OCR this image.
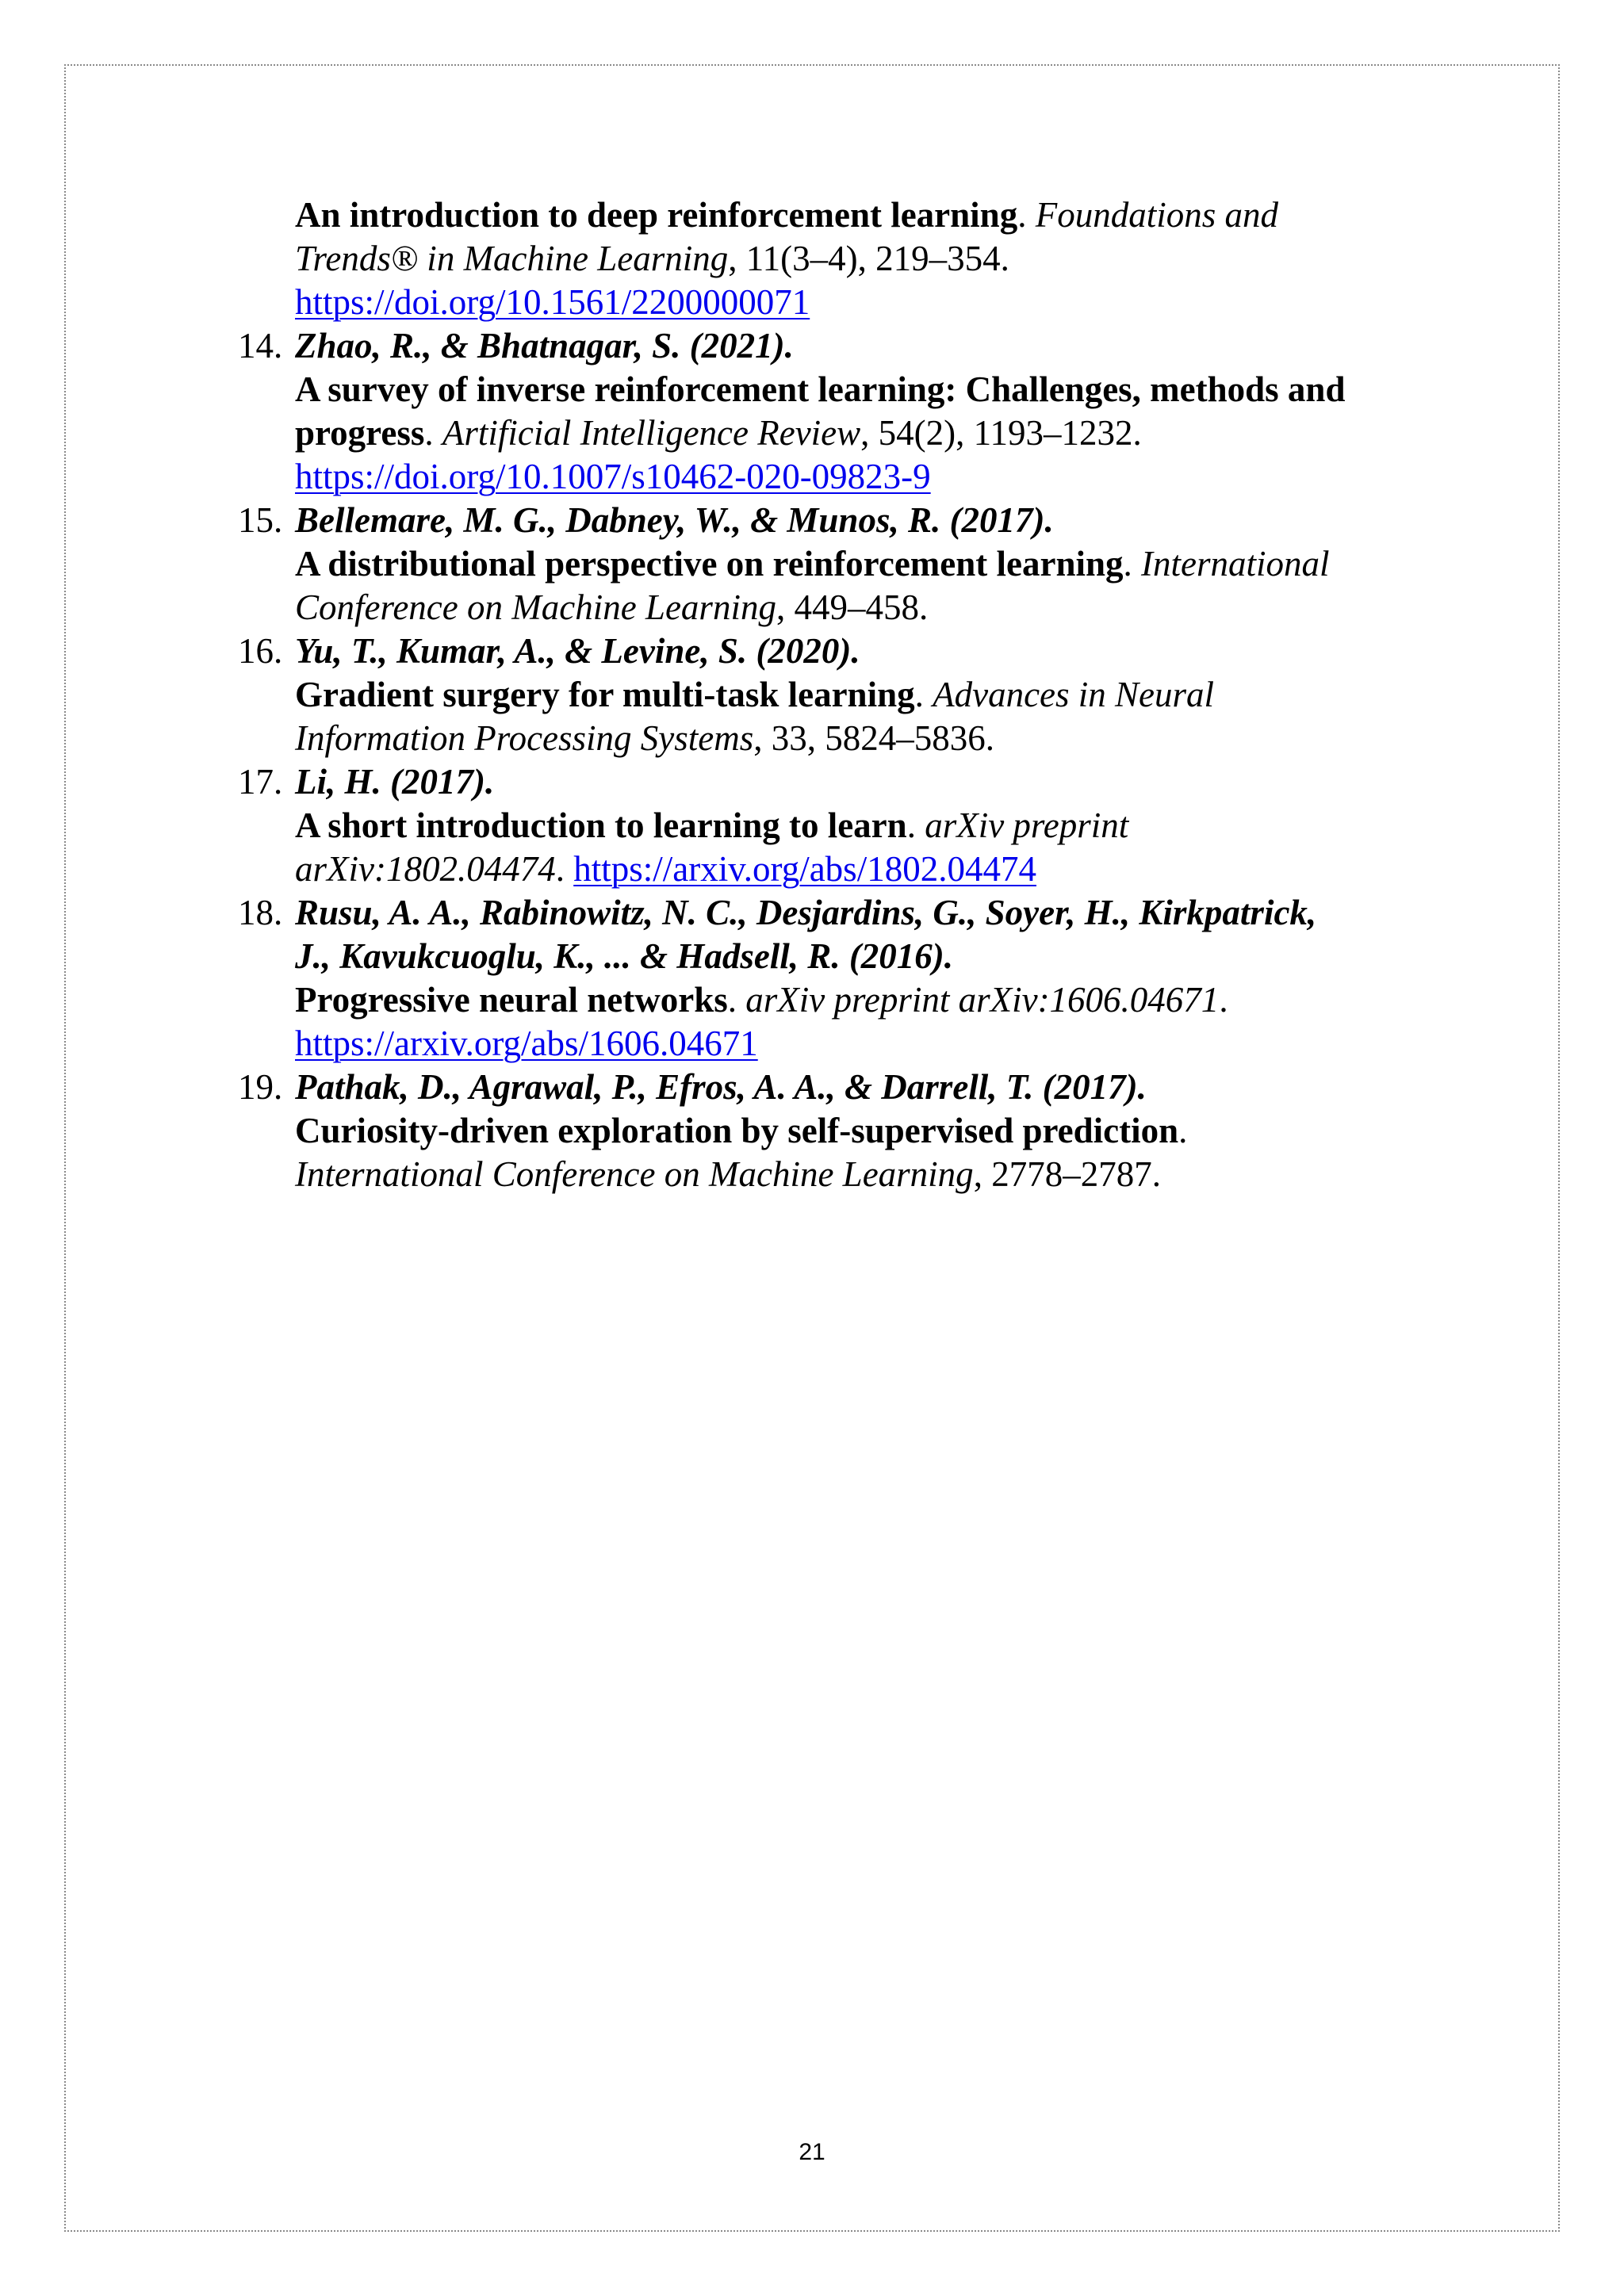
An introduction to deep reinforcement learning. Foundations and
Trends® in Machine Learning, 11(3–4), 219–354.
https://doi.org/10.1561/2200000071
14. Zhao, R., & Bhatnagar, S. (2021).
A survey of inverse reinforcement learning: Challenges, methods and
progress. Artificial Intelligence Review, 54(2), 1193–1232.
https://doi.org/10.1007/s10462-020-09823-9
15. Bellemare, M. G., Dabney, W., & Munos, R. (2017).
A distributional perspective on reinforcement learning. International
Conference on Machine Learning, 449–458.
16. Yu, T., Kumar, A., & Levine, S. (2020).
Gradient surgery for multi-task learning. Advances in Neural
Information Processing Systems, 33, 5824–5836.
17. Li, H. (2017).
A short introduction to learning to learn. arXiv preprint
arXiv:1802.04474. https://arxiv.org/abs/1802.04474
18. Rusu, A. A., Rabinowitz, N. C., Desjardins, G., Soyer, H., Kirkpatrick,
J., Kavukcuoglu, K., ... & Hadsell, R. (2016).
Progressive neural networks. arXiv preprint arXiv:1606.04671.
https://arxiv.org/abs/1606.04671
19. Pathak, D., Agrawal, P., Efros, A. A., & Darrell, T. (2017).
Curiosity-driven exploration by self-supervised prediction.
International Conference on Machine Learning, 2778–2787.
21
